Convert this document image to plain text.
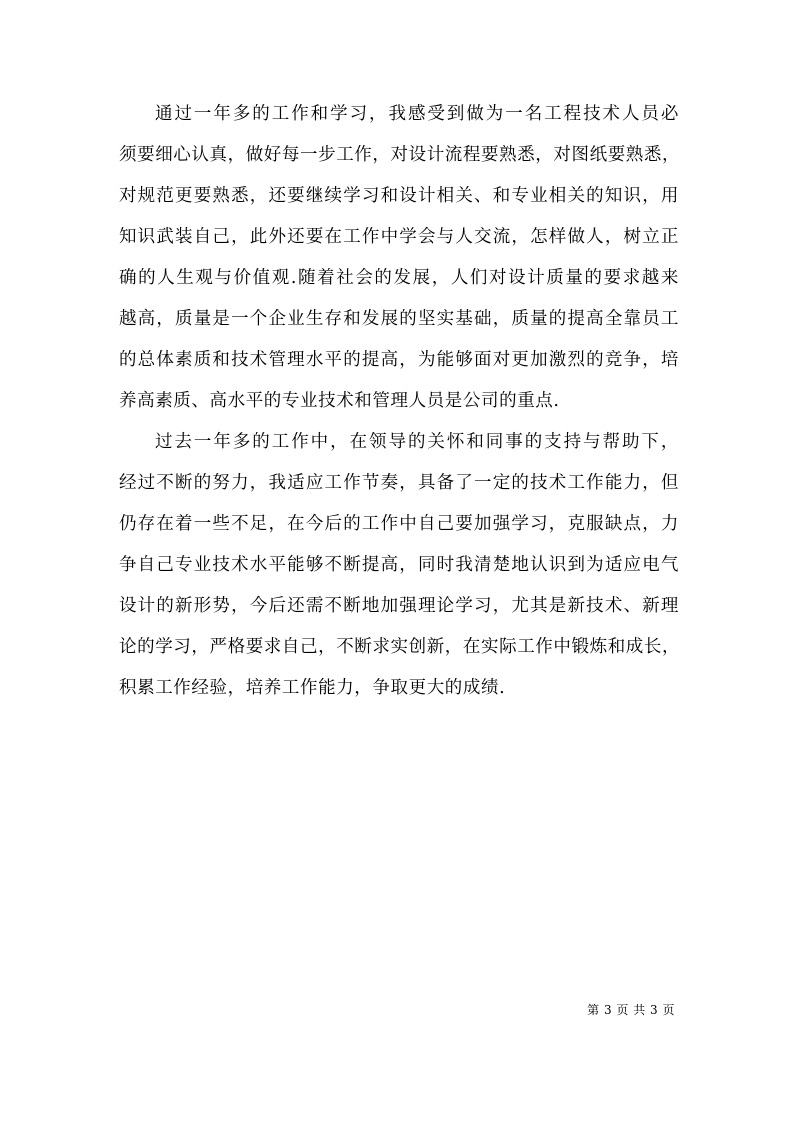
通过一年多的工作和学习，我感受到做为一名工程技术人员必
须要细心认真，做好每一步工作，对设计流程要熟悉，对图纸要熟悉，
对规范更要熟悉，还要继续学习和设计相关、和专业相关的知识，用
知识武装自己，此外还要在工作中学会与人交流，怎样做人，树立正
确的人生观与价值观.随着社会的发展，人们对设计质量的要求越来
越高，质量是一个企业生存和发展的坚实基础，质量的提高全靠员工
的总体素质和技术管理水平的提高，为能够面对更加激烈的竞争，培
养高素质、高水平的专业技术和管理人员是公司的重点.
过去一年多的工作中，在领导的关怀和同事的支持与帮助下，
经过不断的努力，我适应工作节奏，具备了一定的技术工作能力，但
仍存在着一些不足，在今后的工作中自己要加强学习，克服缺点，力
争自己专业技术水平能够不断提高，同时我清楚地认识到为适应电气
设计的新形势，今后还需不断地加强理论学习，尤其是新技术、新理
论的学习，严格要求自己，不断求实创新，在实际工作中锻炼和成长，
积累工作经验，培养工作能力，争取更大的成绩.
第 3 页 共 3 页
